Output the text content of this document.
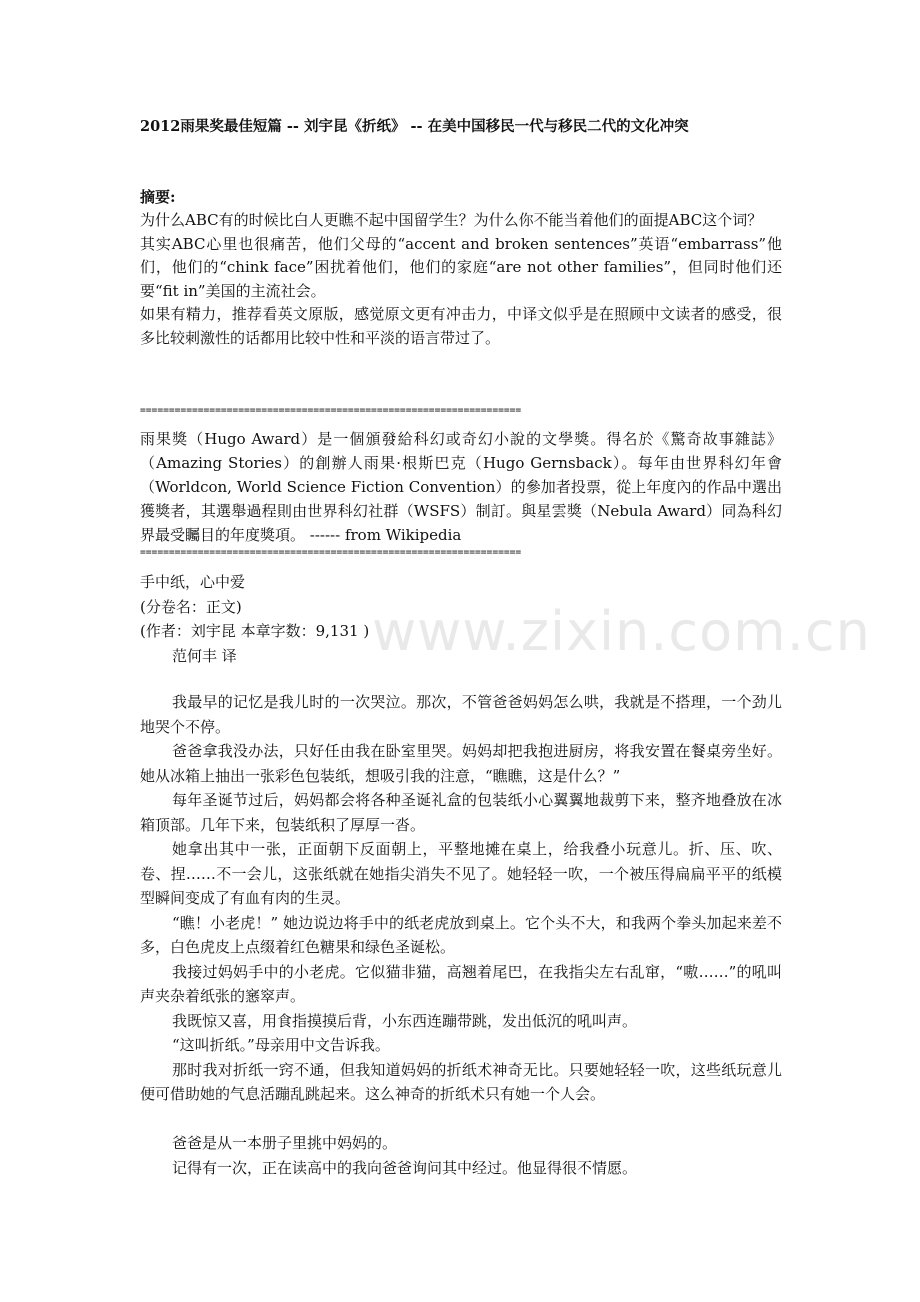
www.zixin.com.cn
2012雨果奖最佳短篇 -- 刘宇昆《折纸》 -- 在美中国移民一代与移民二代的文化冲突
摘要:

为什么ABC有的时候比白人更瞧不起中国留学生？为什么你不能当着他们的面提ABC这个词？

其实ABC心里也很痛苦，他们父母的“accent and broken sentences”英语“embarrass”他们，他们的“chink face”困扰着他们，他们的家庭“are not other families”，但同时他们还要“fit in”美国的主流社会。

如果有精力，推荐看英文原版，感觉原文更有冲击力，中译文似乎是在照顾中文读者的感受，很多比较刺激性的话都用比较中性和平淡的语言带过了。

==================================================================

雨果獎（Hugo Award）是一個頒發給科幻或奇幻小說的文學獎。得名於《驚奇故事雜誌》（Amazing Stories）的創辦人雨果·根斯巴克（Hugo Gernsback）。每年由世界科幻年會（Worldcon, World Science Fiction Convention）的參加者投票，從上年度內的作品中選出獲獎者，其選舉過程則由世界科幻社群（WSFS）制訂。與星雲獎（Nebula Award）同為科幻界最受矚目的年度獎項。 ------ from Wikipedia

==================================================================
手中纸，心中爱
(分卷名：正文)
(作者：刘宇昆 本章字数：9,131 )
范何丰 译

我最早的记忆是我儿时的一次哭泣。那次，不管爸爸妈妈怎么哄，我就是不搭理，一个劲儿地哭个不停。

爸爸拿我没办法，只好任由我在卧室里哭。妈妈却把我抱进厨房，将我安置在餐桌旁坐好。她从冰箱上抽出一张彩色包装纸，想吸引我的注意，“瞧瞧，这是什么？”

每年圣诞节过后，妈妈都会将各种圣诞礼盒的包装纸小心翼翼地裁剪下来，整齐地叠放在冰箱顶部。几年下来，包装纸积了厚厚一沓。

她拿出其中一张，正面朝下反面朝上，平整地摊在桌上，给我叠小玩意儿。折、压、吹、卷、捏……不一会儿，这张纸就在她指尖消失不见了。她轻轻一吹，一个被压得扁扁平平的纸模型瞬间变成了有血有肉的生灵。

“瞧！小老虎！” 她边说边将手中的纸老虎放到桌上。它个头不大，和我两个拳头加起来差不多，白色虎皮上点缀着红色糖果和绿色圣诞松。

我接过妈妈手中的小老虎。它似猫非猫，高翘着尾巴，在我指尖左右乱窜，“嗷……”的吼叫声夹杂着纸张的窸窣声。

我既惊又喜，用食指摸摸后背，小东西连蹦带跳，发出低沉的吼叫声。

“这叫折纸。”母亲用中文告诉我。

那时我对折纸一窍不通，但我知道妈妈的折纸术神奇无比。只要她轻轻一吹，这些纸玩意儿便可借助她的气息活蹦乱跳起来。这么神奇的折纸术只有她一个人会。

爸爸是从一本册子里挑中妈妈的。

记得有一次，正在读高中的我向爸爸询问其中经过。他显得很不情愿。
